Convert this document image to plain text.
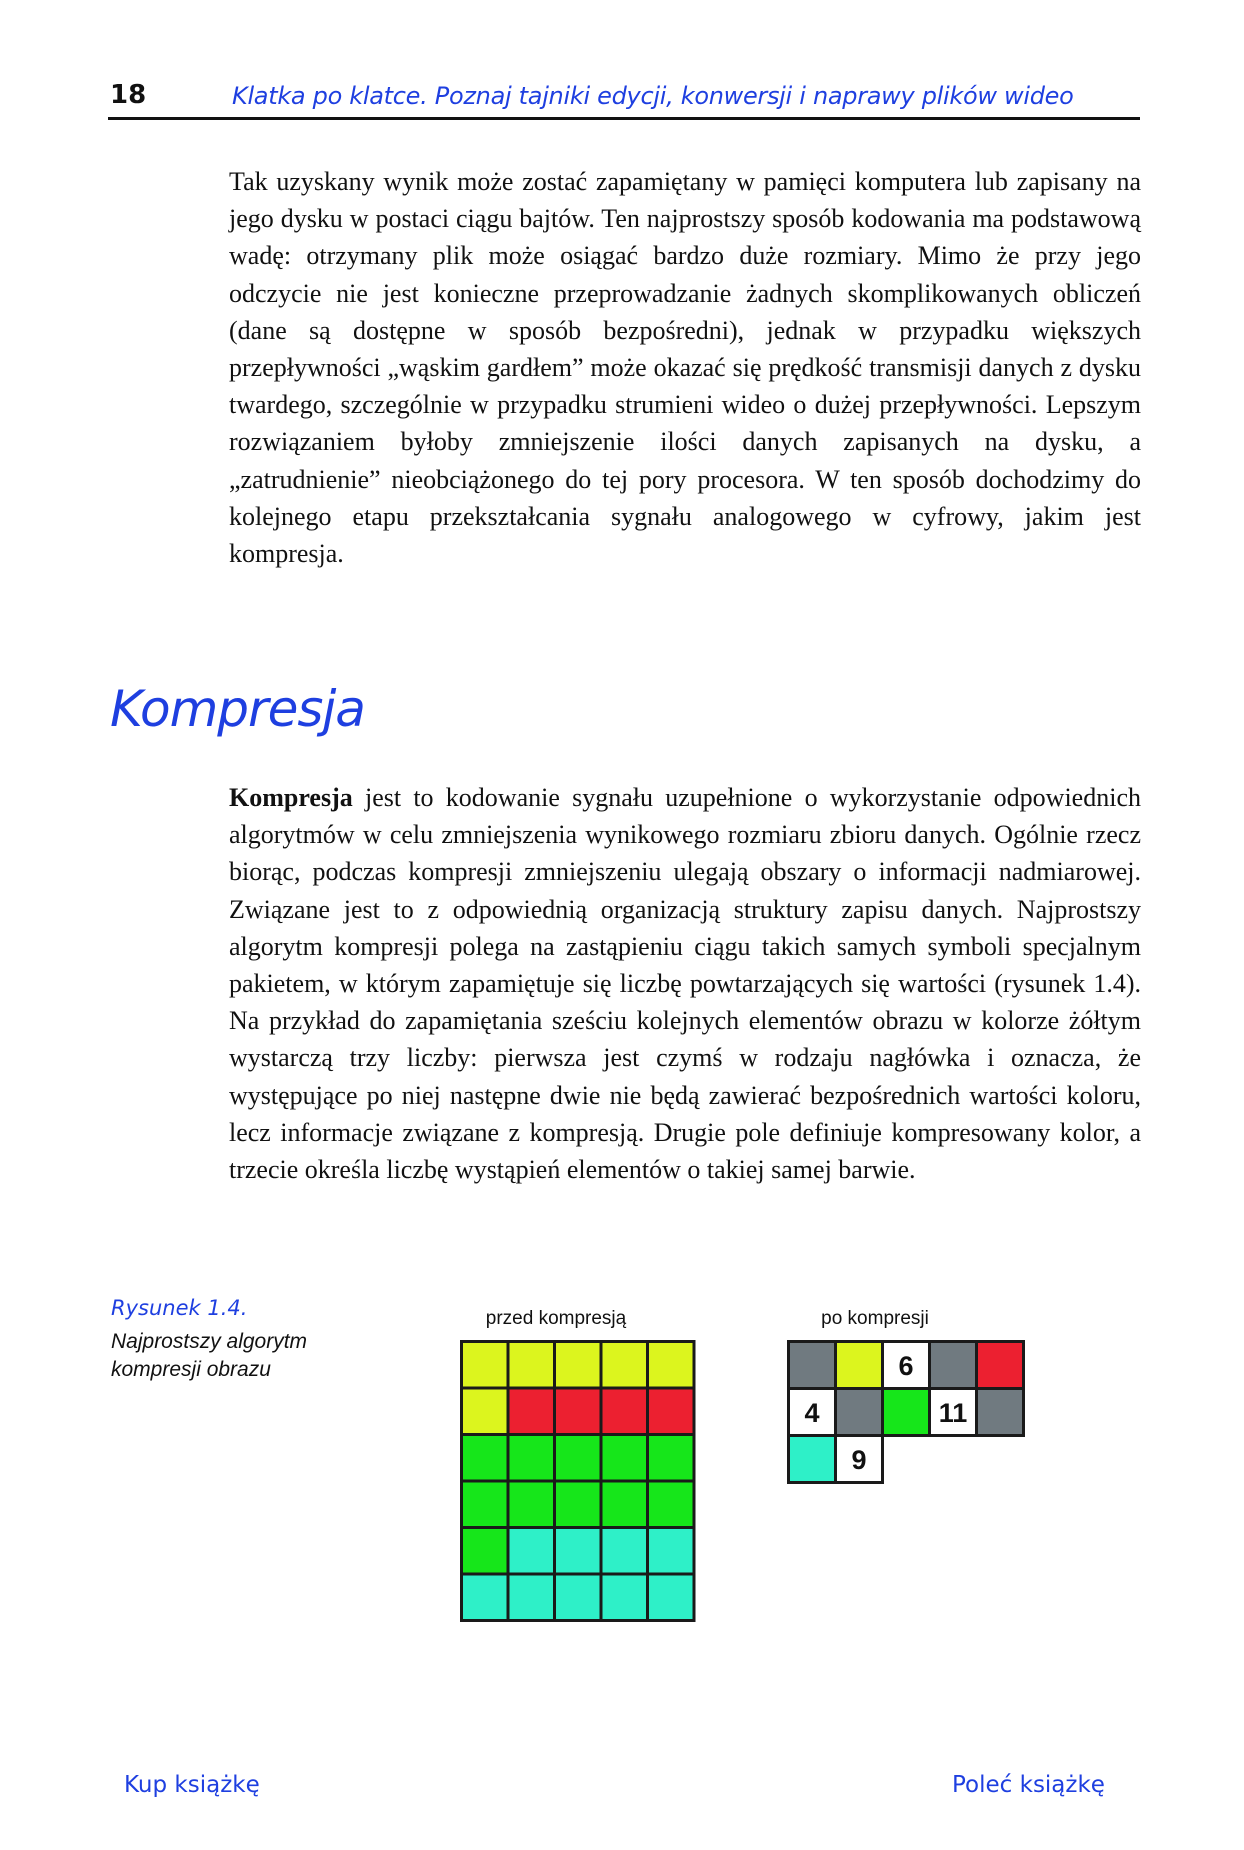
18	Klatka po klatce. Poznaj tajniki edycji, konwersji i naprawy plików wideo

Tak uzyskany wynik może zostać zapamiętany w pamięci komputera lub zapisany na jego dysku w postaci ciągu bajtów. Ten najprostszy sposób kodowania ma podstawową wadę: otrzymany plik może osiągać bardzo duże rozmiary. Mimo że przy jego odczycie nie jest konieczne przeprowadzanie żadnych skomplikowanych obliczeń (dane są dostępne w sposób bezpośredni), jednak w przypadku większych przepływności „wąskim gardłem” może okazać się prędkość transmisji danych z dysku twardego, szczególnie w przypadku strumieni wideo o dużej przepływności. Lepszym rozwiązaniem byłoby zmniejszenie ilości danych zapisanych na dysku, a „zatrudnienie” nieobciążonego do tej pory procesora. W ten sposób dochodzimy do kolejnego etapu przekształcania sygnału analogowego w cyfrowy, jakim jest kompresja.

Kompresja

Kompresja jest to kodowanie sygnału uzupełnione o wykorzystanie odpowiednich algorytmów w celu zmniejszenia wynikowego rozmiaru zbioru danych. Ogólnie rzecz biorąc, podczas kompresji zmniejszeniu ulegają obszary o informacji nadmiarowej. Związane jest to z odpowiednią organizacją struktury zapisu danych. Najprostszy algorytm kompresji polega na zastąpieniu ciągu takich samych symboli specjalnym pakietem, w którym zapamiętuje się liczbę powtarzających się wartości (rysunek 1.4). Na przykład do zapamiętania sześciu kolejnych elementów obrazu w kolorze żółtym wystarczą trzy liczby: pierwsza jest czymś w rodzaju nagłówka i oznacza, że występujące po niej następne dwie nie będą zawierać bezpośrednich wartości koloru, lecz informacje związane z kompresją. Drugie pole definiuje kompresowany kolor, a trzecie określa liczbę wystąpień elementów o takiej samej barwie.

Rysunek 1.4.
Najprostszy algorytm kompresji obrazu
przed kompresją	po kompresji
6
4	11
9
Kup książkę	Poleć książkę
